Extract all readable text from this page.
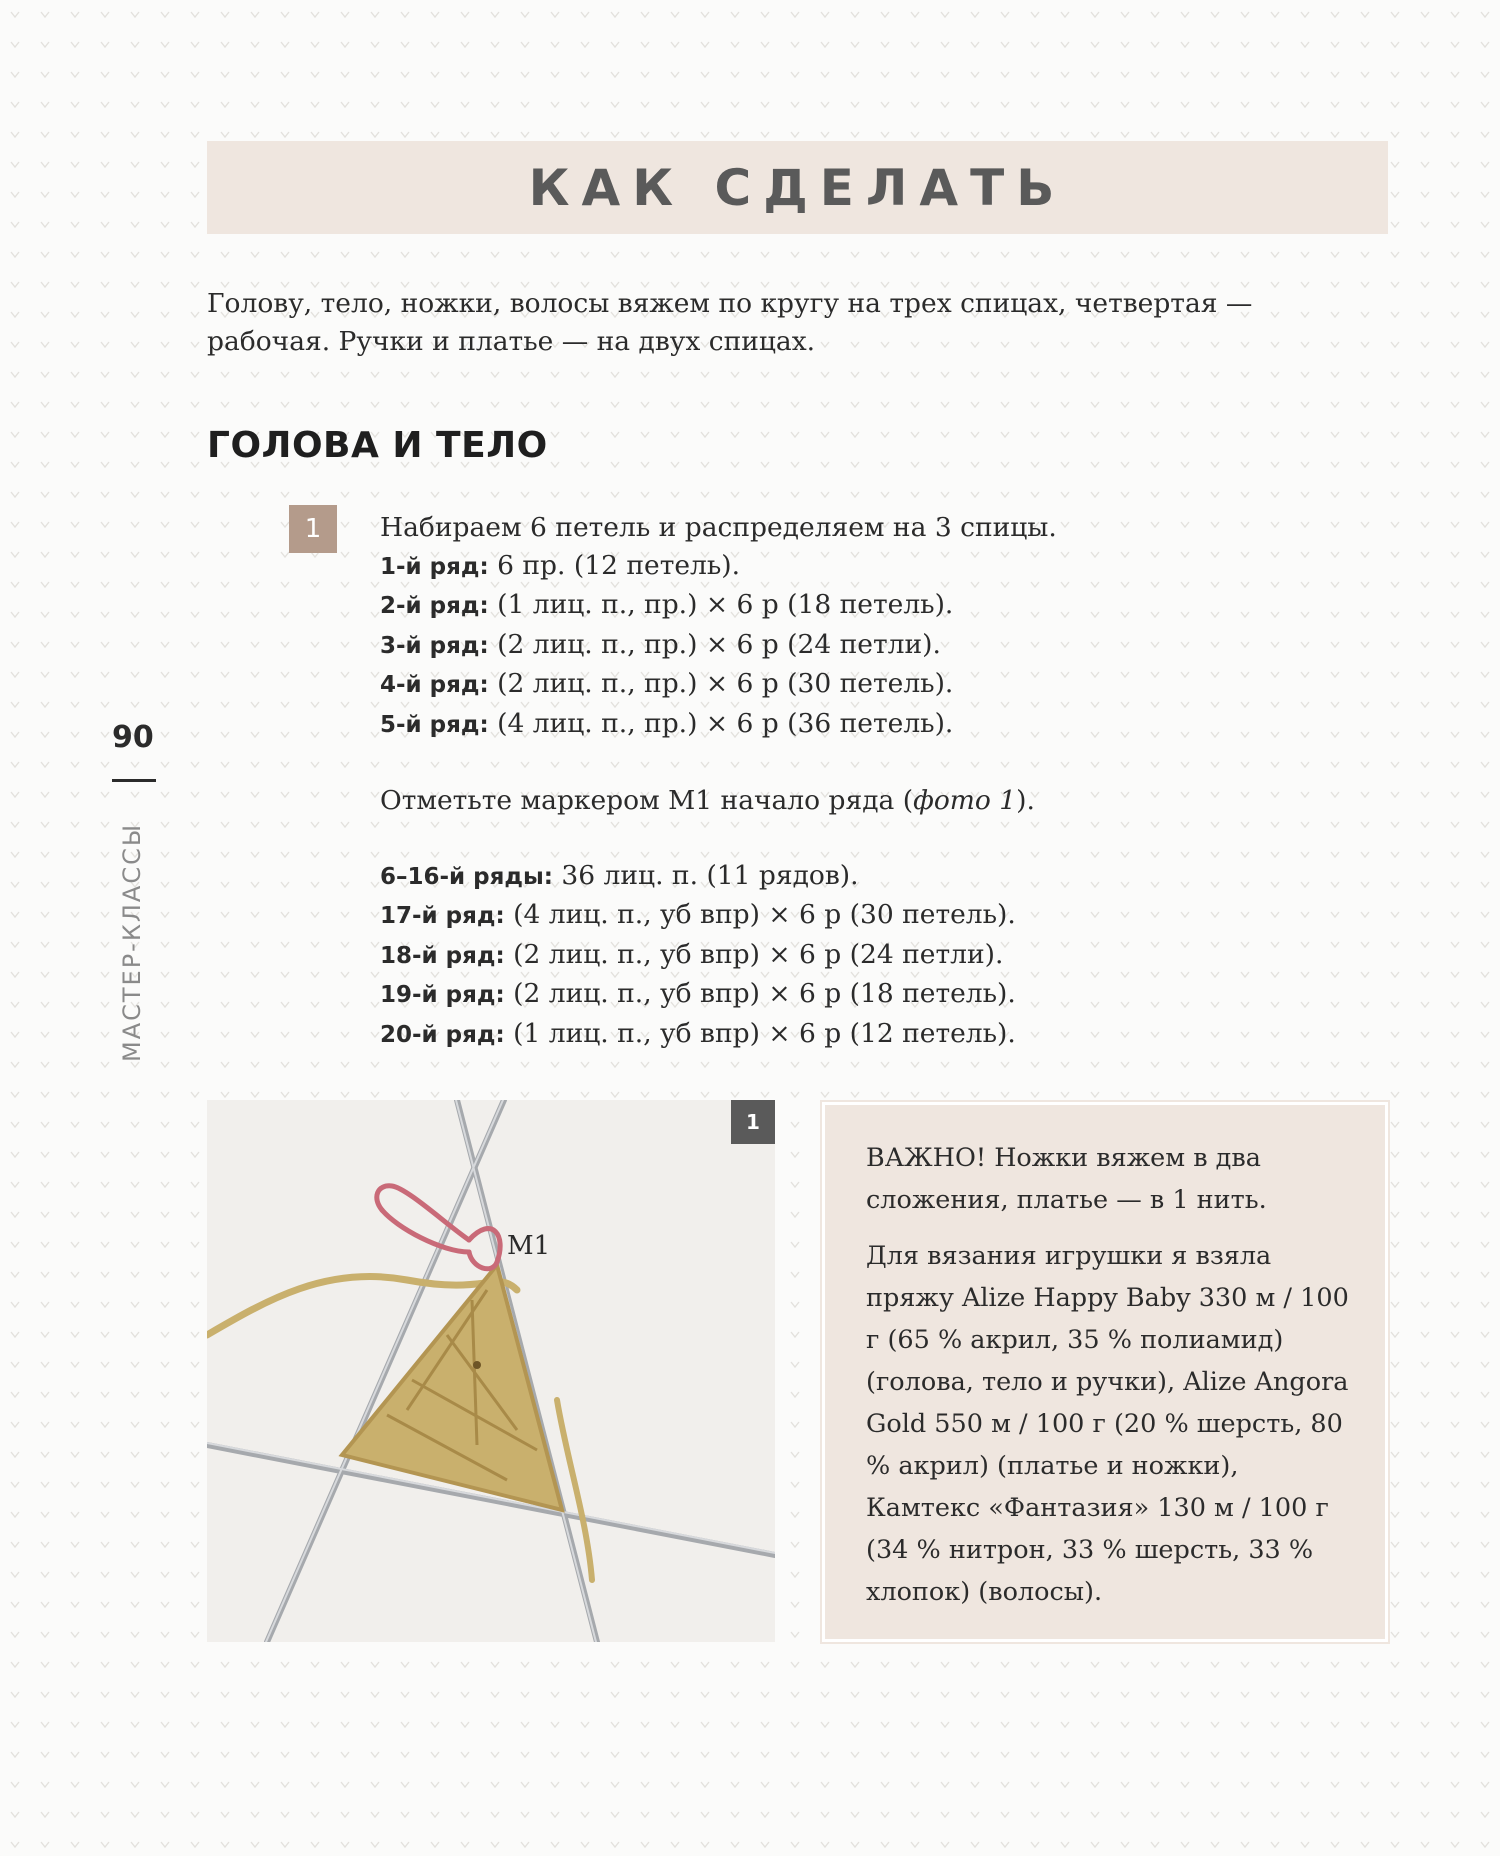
КАК СДЕЛАТЬ

Голову, тело, ножки, волосы вяжем по кругу на трех спицах, четвертая — рабочая. Ручки и платье — на двух спицах.

ГОЛОВА И ТЕЛО
1	Набираем 6 петель и распределяем на 3 спицы.
1-й ряд: 6 пр. (12 петель).
2-й ряд: (1 лиц. п., пр.) × 6 р (18 петель).
3-й ряд: (2 лиц. п., пр.) × 6 р (24 петли).
4-й ряд: (2 лиц. п., пр.) × 6 р (30 петель).
5-й ряд: (4 лиц. п., пр.) × 6 р (36 петель).
Отметьте маркером М1 начало ряда (фото 1).
6–16-й ряды: 36 лиц. п. (11 рядов).
17-й ряд: (4 лиц. п., уб впр) × 6 р (30 петель).
18-й ряд: (2 лиц. п., уб впр) × 6 р (24 петли).
19-й ряд: (2 лиц. п., уб впр) × 6 р (18 петель).
20-й ряд: (1 лиц. п., уб впр) × 6 р (12 петель).
90
МАСТЕР-КЛАССЫ
М1
1

ВАЖНО! Ножки вяжем в два сложения, платье — в 1 нить.

Для вязания игрушки я взяла пряжу Alize Happy Baby 330 м / 100 г (65 % акрил, 35 % полиамид) (голова, тело и ручки), Alize Angora Gold 550 м / 100 г (20 % шерсть, 80 % акрил) (платье и ножки), Камтекс «Фантазия» 130 м / 100 г (34 % нитрон, 33 % шерсть, 33 % хлопок) (волосы).
